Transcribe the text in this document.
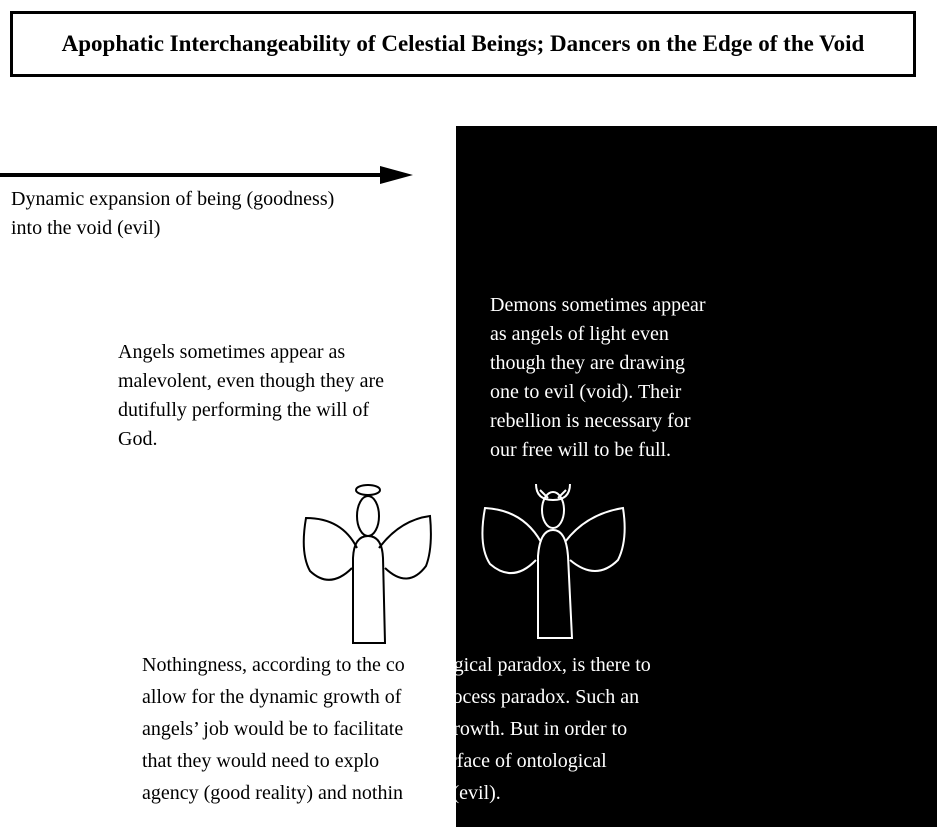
Apophatic Interchangeability of Celestial Beings; Dancers on the Edge of the Void
Dynamic expansion of being (goodness)
into the void (evil)
Angels sometimes appear as
malevolent, even though they are
dutifully performing the will of
God.
Demons sometimes appear
as angels of light even
though they are drawing
one to evil (void). Their
rebellion is necessary for
our free will to be full.
Nothingness, according to the cosmological paradox, is there to
allow for the dynamic growth of the process paradox. Such an
angels’ job would be to facilitate that growth. But in order to
that they would need to explo he interface of ontological
agency (good reality) and nothingness (evil).
